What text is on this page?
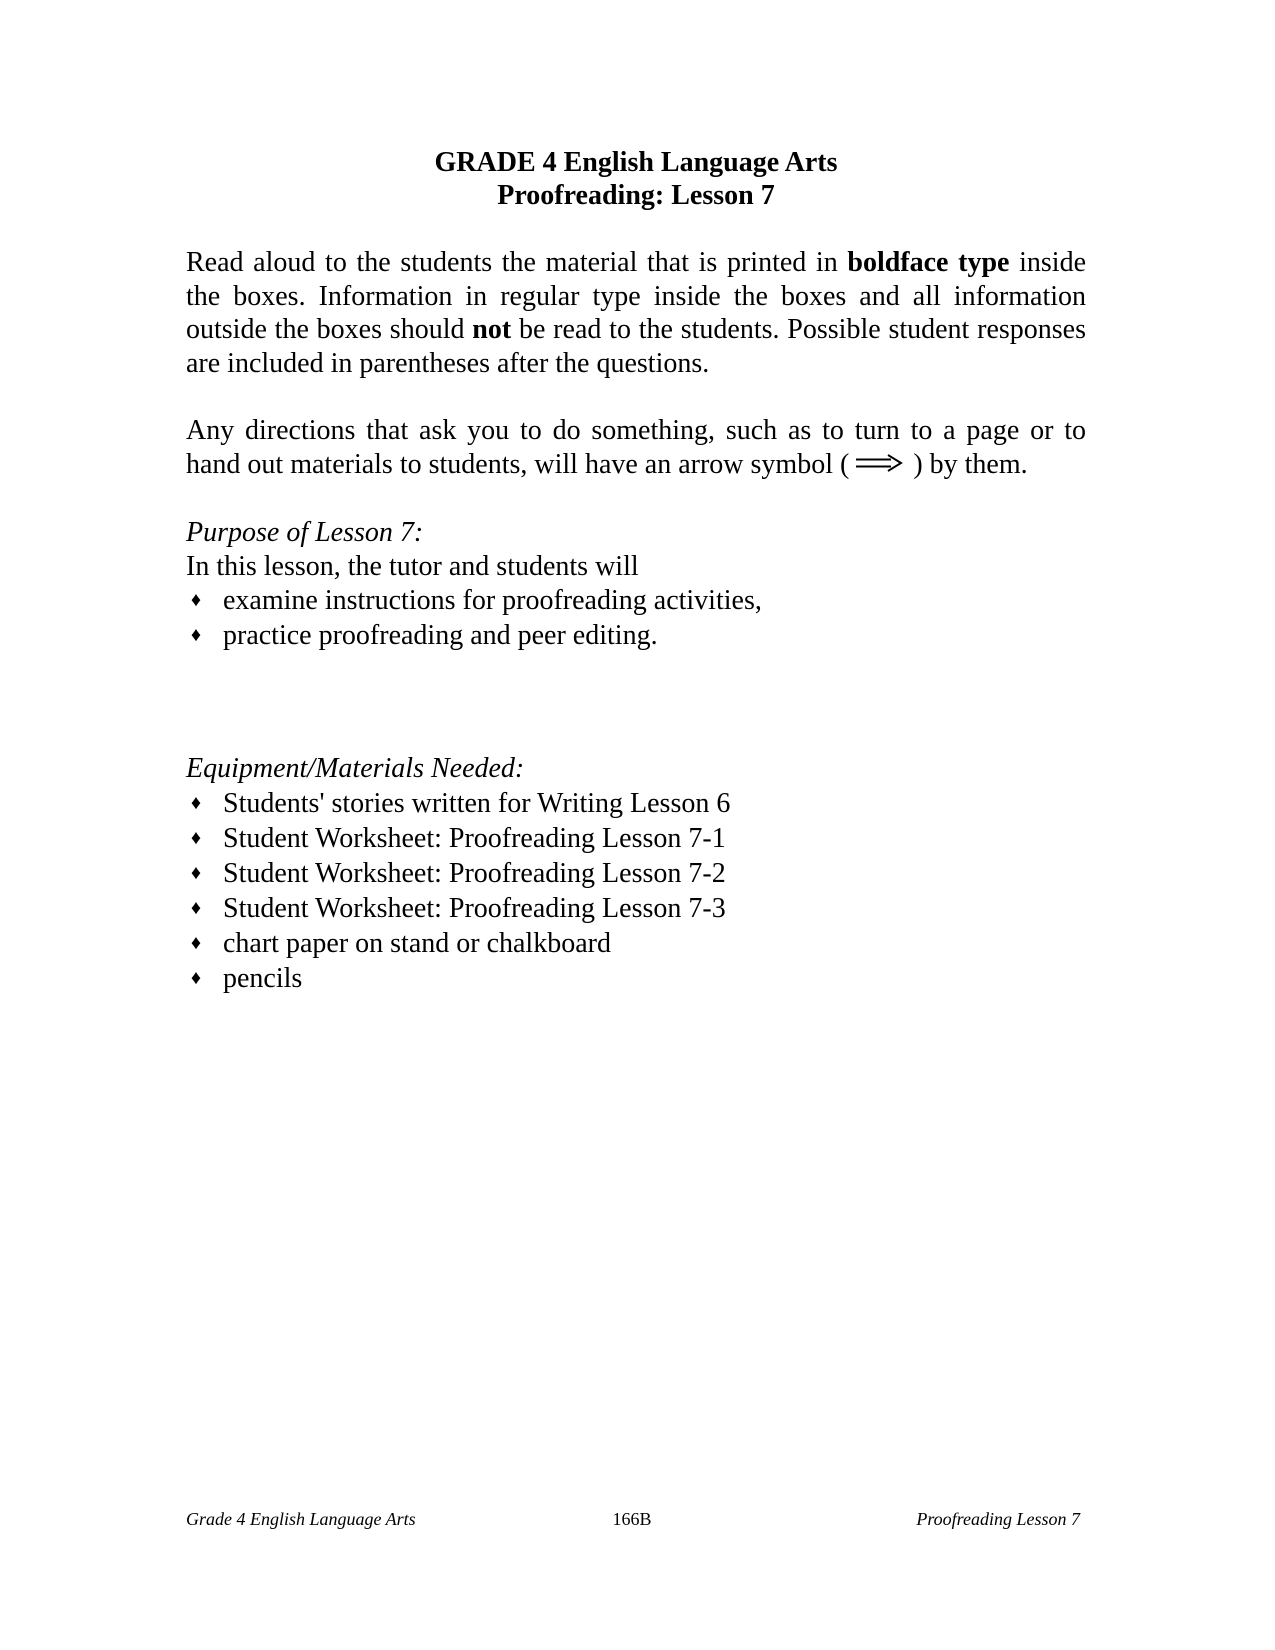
GRADE 4 English Language Arts
Proofreading: Lesson 7
Read aloud to the students the material that is printed in boldface type inside the boxes. Information in regular type inside the boxes and all information outside the boxes should not be read to the students. Possible student responses are included in parentheses after the questions.
Any directions that ask you to do something, such as to turn to a page or to hand out materials to students, will have an arrow symbol ( ) by them.
Purpose of Lesson 7:
In this lesson, the tutor and students will
♦ examine instructions for proofreading activities,
♦ practice proofreading and peer editing.
Equipment/Materials Needed:
♦ Students' stories written for Writing Lesson 6
♦ Student Worksheet: Proofreading Lesson 7-1
♦ Student Worksheet: Proofreading Lesson 7-2
♦ Student Worksheet: Proofreading Lesson 7-3
♦ chart paper on stand or chalkboard
♦ pencils
Grade 4 English Language Arts	166B	Proofreading Lesson 7
